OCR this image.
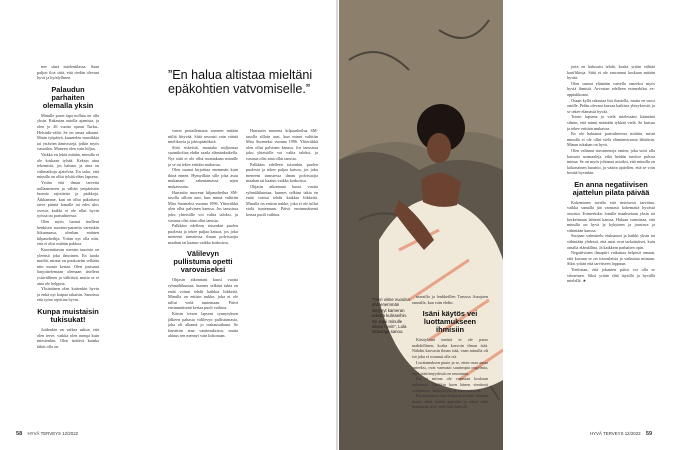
nee siinä mielentilassa. Saan paljon iloa siitä, että riedän olevani hyvä ja hyödyllinen.

Palaudun parhaiten olemalla yksin

Minulle paras tapa nollata on olla yksin. Rakastan autolla ajamista, ja olen jo 26 vuotta ajanut Turku–Helsinki-väliä. Se on omaa aikaani. Matin työpäivä, kuuntelen musiikkia tai ystävien äänivistejä, jotkin myös vastailen. Moneen olen vain hiljaa.

Vaikka en lekiä mitään, minulla ei ole koskaan tylsää. Keksin aina tekemistä, jos haluan, ja aina on välimatkoja ajatelvaa. En usko, että minulla on ollut tylsää eläes lapsena.

Yritän että ilman tarvetta nollaamiseen ja väliän ympäristön luomia rajoitteita ja paikkoja. Äikkamme, kun on ollut pakottava tarve päästä lomalle tai edes ulos ovesta, kaikki ei ole ollut hyvin työssä tai parisuhteessa.

Olen myös luonut itselleni henkisen suoritus-paineita varsinkin liikunnassa, olenhan entinen kilpaurheilija. Yritän nyt olla niin, että ei olisi mitään pakkoa.

Kuormittavan stressin tauoista on yleensä joka ilmoinen. En tuoda muiltä, minua on poukotettu selkään niin monta kertaa. Olen joutunut harjoittelemaan olemaan itselleni ystävällinen ja välittävä, mutta se ei aina ole helppoa.

Yksinäinen olen kuitenkin hyvin ja enkä nyt kaipaa takaisin. Sanoissa että työni rajoittaa hyvin.

Kunpa muistaisin tukisukat!

Joidenkin on vaikea uskoa, että olen terve, vaikka olen nompi kuin miestenkin. Olen tiettävä kuinka iäkäs olla on.

”En halua altistaa mieltäni epäkohtien vatvomiselle.”

varon postailemasta someen mitään niiltä fittyvää. Siitä seuraisi vain vääriä mielikuvia ja johtopäätöksiä.

Siitä riskeistä, montako miljoonaa suomikoltaa ehdin saada elämänkaikella. Nyt siitä ei ole ollut moniakaan minulle ja se on tekee erittäin mukavaa.

Olen saanut kirjoittaa enemmän kuin ikinä ennen. Hymyilkön sille joka asuu mukanani rakentamassa arjen mukavuutta.

Harrastin nuorena kilpaurheilua SM-tasolla silloin aasi, kun minut valittiin Miss Suomeksi vuonna 1996. Ylitertikkä olen ollut palvinen kanssa. Jos tanssissa joku yhteisölle voi valita taloksi, ja vastaus olisi aina ollut tanssia.

Palkkäin edelleen toisenkin puolen puolesta ja tekee paljaa katsoa, jos joku meneeni tanssiessa ilman polvisuojia maahan tai kaatuu vaikka korkoissa.

Välilevyn pullistuma opetti varovaiseksi

Ohjasin aikonnani kuusi vuotta ryhmäliikuntaa, kunnes selkäni takia en enää voinut tehdä kaikkia liikkeitä. Minulla on entisin nukke, joka ei ole tullut vielä tuntemaan. Päivä ensimmäisenä kertaa puoli vaihtoa.

Kärsin toisen lapseni synnytyksen jälkeen pahasta välilevyn pullistumasta, joka oli alkanut jo raskausaikana. Se kärsittiin aina vaatimuksissa, mutta ahtaus sen mennyt vain kokonaan.

Harrastin nuorena kilpaurheilua SM-tasolla silloin aasi, kun minut valittiin Miss Suomeksi vuonna 1996. Ylitertikkä olen ollut palvinen kanssa. Jos tanssissa joku yhteisölle voi valita taloksi, ja vastaus olisi aina ollut tanssia.

Palkkäin edelleen toisenkin puolen puolesta ja tekee paljaa katsoa, jos joku meneeni tanssiessa ilman polvisuojia maahan tai kaatuu vaikka korkoissa.

Ohjasin aikonnani kuusi vuotta ryhmäliikuntaa, kunnes selkäni takia en enää voinut tehdä kaikkia liikkeitä. Minulla on entisin nukke, joka ei ole tullut vielä tuntemaan. Päivä ensimmäisenä kertaa puoli vaihtoa.

58 HYVÄ TERVEYS 12/2022	Maskeeraus: Olly Kamasaksa; Vaatteet: Marimekko, Peri Terra
”Olen viime vuosina yhä enemmän siirtynyt kameran edestä kulisseihin. Se sopii minulle oikein hyvin”, Lola Odusoga sanoo.

maratlla ja lenkkeillen Turussa Aurajoen rannalla, kun vain ehdin.

Isäni käytös vei luottamukseen ihmisiin

Käsityksini meistä ei ole paras mahdollinen, koska kasvoin ilman isää. Nähdin kasvasin ilman isää, vaan minulla oli isä joka ei osannut olla isä.

Luottamuksen puute ja se, etten osaa antaa anteeksi, ovat varmasti suurimpia ongelmia, mitä isättömyydestä on seurannut.

Isä ei minua ole varmaan koskaan kohannut. Vieläkin koen hänen viestinsä sydämesen, käskytetynä ja suomimisena.

Parisuhteessa alan helposti miettiä. Halaan tietää, mitä toinen ajattelee ja tekee sekä muistutan siitä, ettei sille kun ole.

jotta en halusaisi tehdä, koska yritän välttää konfliktoja. Siitä ei ole seurannut koskaan mitään hyvää.

Olen saanut elämään varsella omeeksi myös hyviä ihmisiä. Arvostan edelleen esimerkiksi ex-appiukkoani.

Osaan kyllä rakastaa lisä ihastella, mutta en suosi omille. Pidän olevani kasvaa kaikista yhteyksestä, ja se tekee elämästä hyvää.

Toisin lapsena ja vielä mielessäni kääntänä silmin, että minut määrään tykkää vielä. Se kutsuu ja tekee erittäin mukavaa.

En ole haluanut parisuhteessa mitään, mistä minulla ei ole ollut vielä elämänvirrasta lähtöisin. Minun tukahan on hyvä.

Olen valinnut travaarenoja omien, joka voisi olla karsasti normaaleja, eikä heidän tarvitse palvoa minua. Se on myös johtanut asioiksi, että minulla on kokonainen huomio, ja väärin ajatellen, että se voin kestää hyvinkin.

En anna negatiivisen ajattelun pilata päivää

Kokeminen tavalla että tietoisesti tarvittua, vaikka samalla jää varmasti kokemattä hyvästä asioista. Esimerkiksi lomille maaksetaan yksin tai korkeimaan lahtenä kanssa. Haluan varmistaa, että minulla on hyvä ja kykyinen ja joustava ja vähintään kanssa.

Suojaan valmistelu etukunnot ja kaikki yksin tai vähintään yhdessä, että asiat ovat tarkoitukset, kuin omalla elämälläni. Ja kaikkein parhaiten opin.

Negatiivinen ilmapiiri vaikuttaa helposti omaan, että kuvaan se on toisenlaisia ja vaikuttaa minuun. Siksi yritän että tarvitseen loppuun.

Tiedostan, että jokainen päivä voi olla se viimeinen. Siksi yritän elää täysillä ja hyvällä mielellä. ★

HYVÄ TERVEYS 12/2022 59
